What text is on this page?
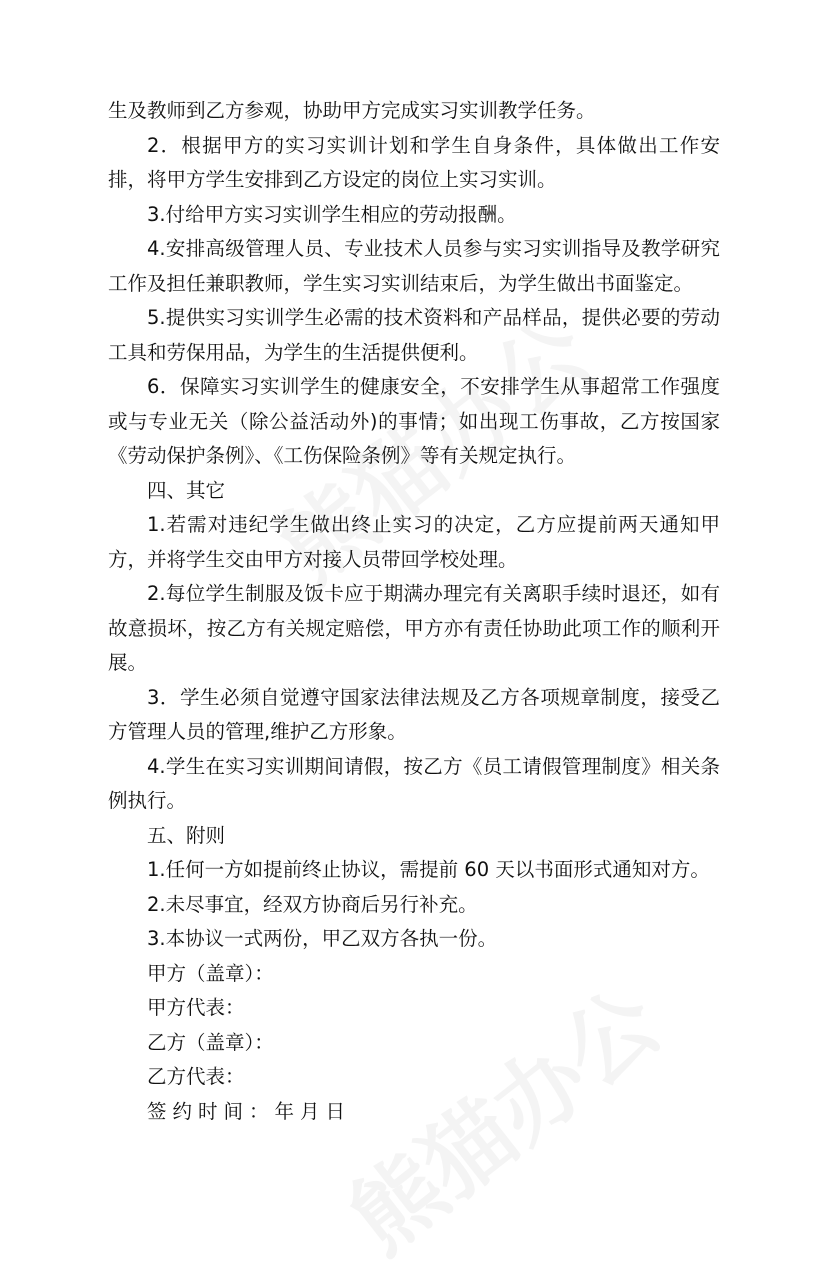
生及教师到乙方参观，协助甲方完成实习实训教学任务。

2．根据甲方的实习实训计划和学生自身条件，具体做出工作安排，将甲方学生安排到乙方设定的岗位上实习实训。

3.付给甲方实习实训学生相应的劳动报酬。

4.安排高级管理人员、专业技术人员参与实习实训指导及教学研究工作及担任兼职教师，学生实习实训结束后，为学生做出书面鉴定。

5.提供实习实训学生必需的技术资料和产品样品，提供必要的劳动工具和劳保用品，为学生的生活提供便利。

6．保障实习实训学生的健康安全，不安排学生从事超常工作强度或与专业无关（除公益活动外)的事情；如出现工伤事故，乙方按国家《劳动保护条例》、《工伤保险条例》等有关规定执行。

四、其它

1.若需对违纪学生做出终止实习的决定，乙方应提前两天通知甲方，并将学生交由甲方对接人员带回学校处理。

2.每位学生制服及饭卡应于期满办理完有关离职手续时退还，如有故意损坏，按乙方有关规定赔偿，甲方亦有责任协助此项工作的顺利开展。

3．学生必须自觉遵守国家法律法规及乙方各项规章制度，接受乙方管理人员的管理,维护乙方形象。

4.学生在实习实训期间请假，按乙方《员工请假管理制度》相关条例执行。

五、附则

1.任何一方如提前终止协议，需提前 60 天以书面形式通知对方。

2.未尽事宜，经双方协商后另行补充。

3.本协议一式两份，甲乙双方各执一份。

甲方（盖章）：

甲方代表：

乙方（盖章）：

乙方代表：

签约时间：年月日
